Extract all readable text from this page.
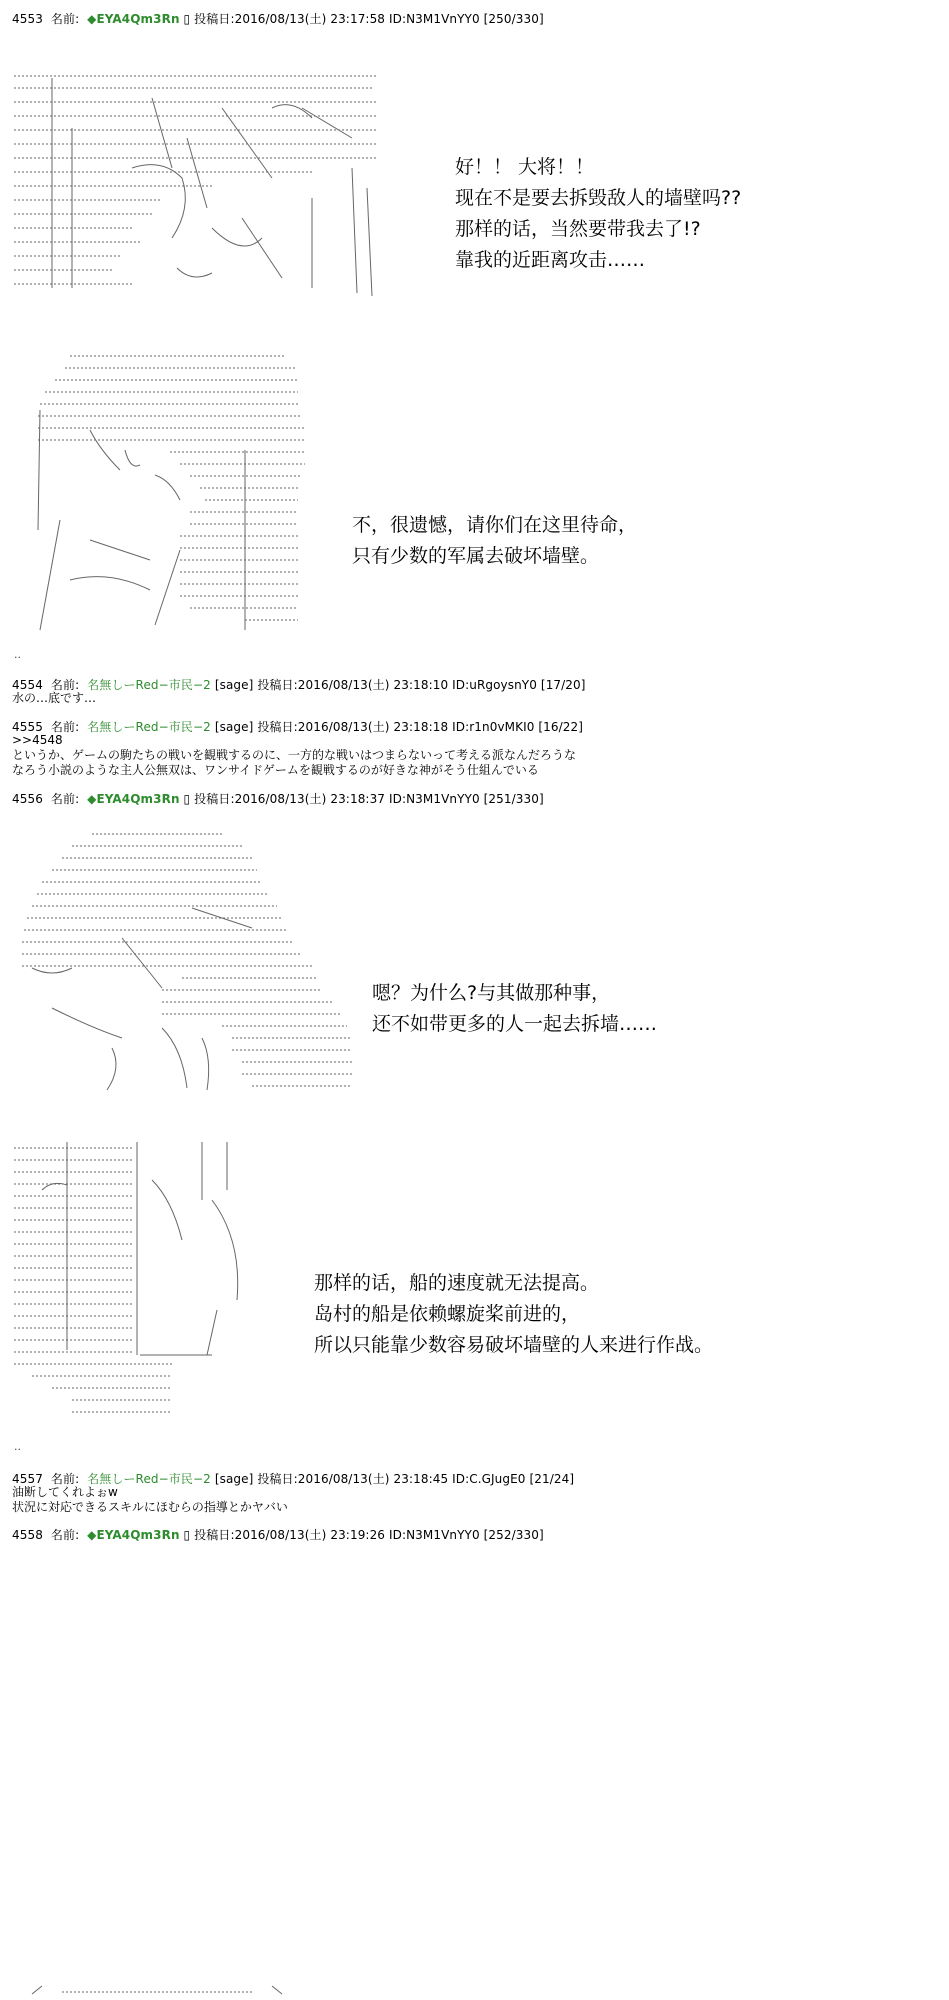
4553 名前: ◆EYA4Qm3Rn ▯ 投稿日:2016/08/13(土) 23:17:58 ID:N3M1VnYY0 [250/330]
好！！ 大将！！
现在不是要去拆毁敌人的墙壁吗??
那样的话，当然要带我去了!?
靠我的近距离攻击……
不，很遗憾，请你们在这里待命，
只有少数的军属去破坏墙壁。
..
4554 名前: 名無しーRed−市民−2 [sage] 投稿日:2016/08/13(土) 23:18:10 ID:uRgoysnY0 [17/20]
水の…底です…
4555 名前: 名無しーRed−市民−2 [sage] 投稿日:2016/08/13(土) 23:18:18 ID:r1n0vMKI0 [16/22]
>>4548
というか、ゲームの駒たちの戦いを観戦するのに、一方的な戦いはつまらないって考える派なんだろうな
なろう小説のような主人公無双は、ワンサイドゲームを観戦するのが好きな神がそう仕組んでいる
4556 名前: ◆EYA4Qm3Rn ▯ 投稿日:2016/08/13(土) 23:18:37 ID:N3M1VnYY0 [251/330]
嗯？为什么?与其做那种事，
还不如带更多的人一起去拆墙……
那样的话，船的速度就无法提高。
岛村的船是依赖螺旋桨前进的，
所以只能靠少数容易破坏墙壁的人来进行作战。
..
4557 名前: 名無しーRed−市民−2 [sage] 投稿日:2016/08/13(土) 23:18:45 ID:C.GJugE0 [21/24]
油断してくれよぉw
状況に対応できるスキルにほむらの指導とかヤバい
4558 名前: ◆EYA4Qm3Rn ▯ 投稿日:2016/08/13(土) 23:19:26 ID:N3M1VnYY0 [252/330]
